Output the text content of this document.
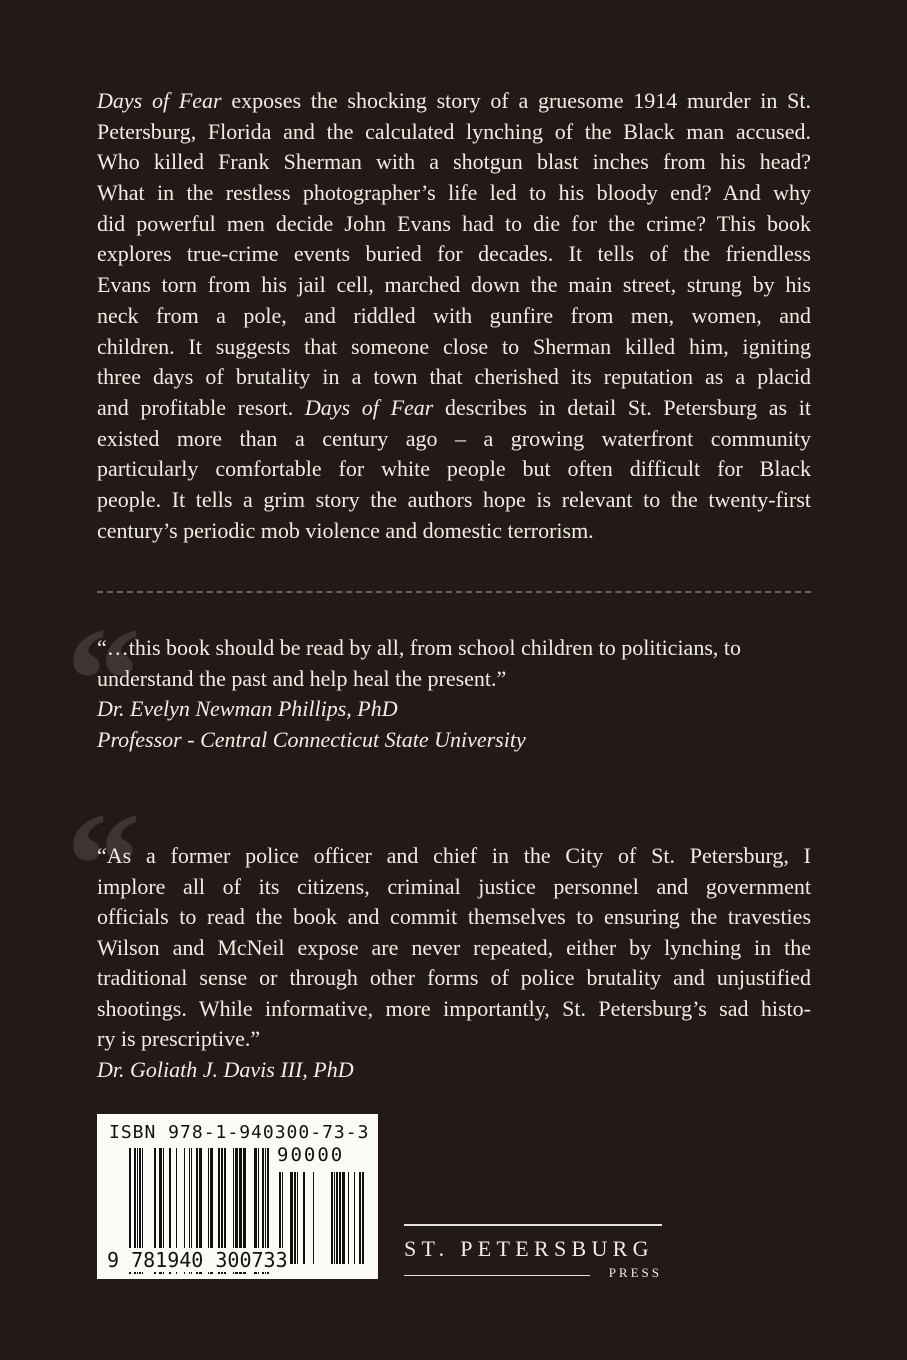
Days of Fear exposes the shocking story of a gruesome 1914 murder in St.
Petersburg, Florida and the calculated lynching of the Black man accused.
Who killed Frank Sherman with a shotgun blast inches from his head?
What in the restless photographer’s life led to his bloody end? And why
did powerful men decide John Evans had to die for the crime? This book
explores true-crime events buried for decades. It tells of the friendless
Evans torn from his jail cell, marched down the main street, strung by his
neck from a pole, and riddled with gunfire from men, women, and
children. It suggests that someone close to Sherman killed him, igniting
three days of brutality in a town that cherished its reputation as a placid
and profitable resort. Days of Fear describes in detail St. Petersburg as it
existed more than a century ago – a growing waterfront community
particularly comfortable for white people but often difficult for Black
people. It tells a grim story the authors hope is relevant to the twenty-first
century’s periodic mob violence and domestic terrorism.
“
“…this book should be read by all, from school children to politicians, to
understand the past and help heal the present.”
Dr. Evelyn Newman Phillips, PhD
Professor - Central Connecticut State University
“
“As a former police officer and chief in the City of St. Petersburg, I
implore all of its citizens, criminal justice personnel and government
officials to read the book and commit themselves to ensuring the travesties
Wilson and McNeil expose are never repeated, either by lynching in the
traditional sense or through other forms of police brutality and unjustified
shootings. While informative, more importantly, St. Petersburg’s sad histo-
ry is prescriptive.”
Dr. Goliath J. Davis III, PhD
ISBN 978-1-940300-73-3
90000
9 781940 300733	ST. PETERSBURG
PRESS
